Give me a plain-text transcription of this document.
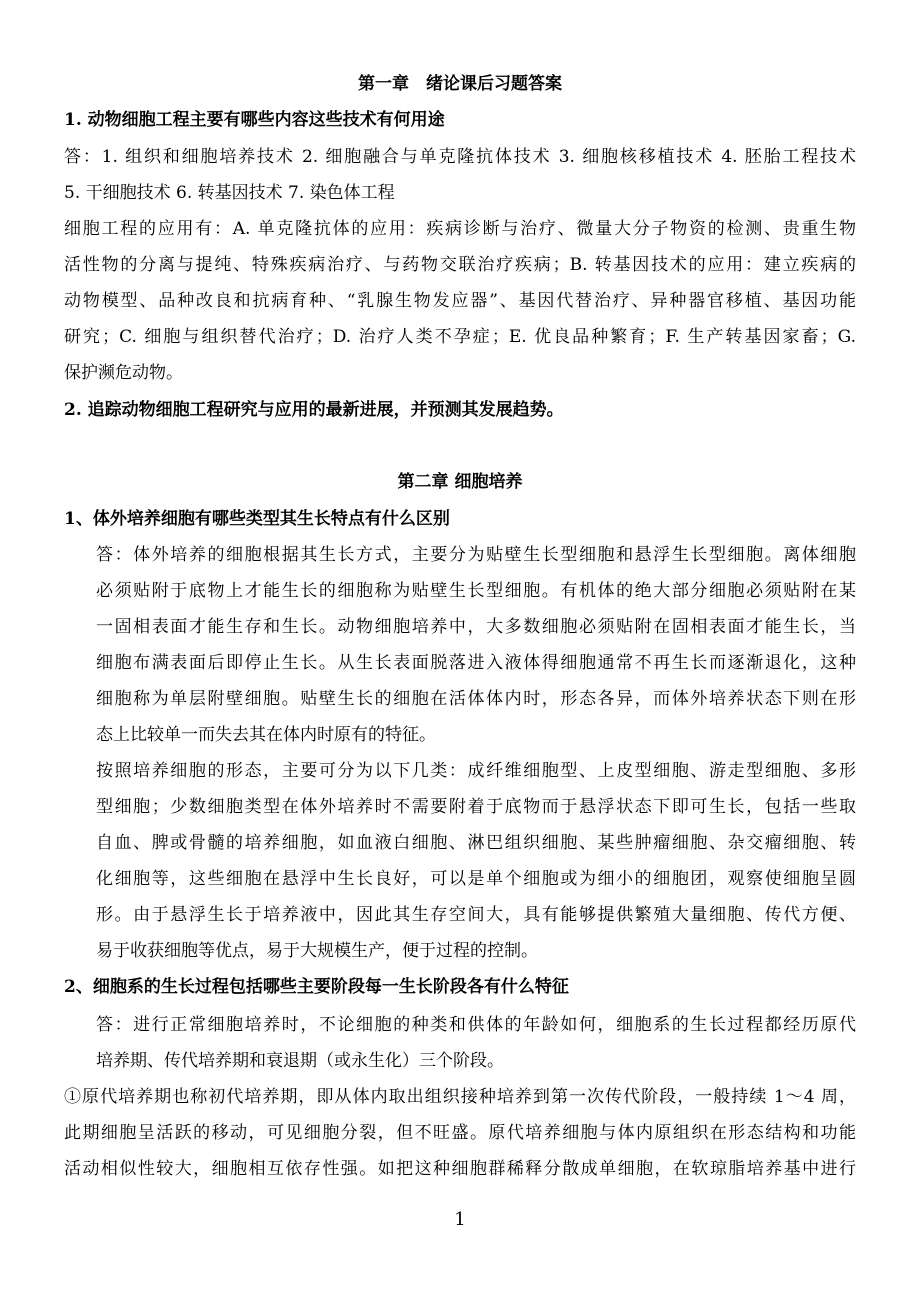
第一章　绪论课后习题答案
1. 动物细胞工程主要有哪些内容这些技术有何用途
答：1. 组织和细胞培养技术 2. 细胞融合与单克隆抗体技术 3. 细胞核移植技术 4. 胚胎工程技术
5. 干细胞技术 6. 转基因技术 7. 染色体工程
细胞工程的应用有：A. 单克隆抗体的应用：疾病诊断与治疗、微量大分子物资的检测、贵重生物
活性物的分离与提纯、特殊疾病治疗、与药物交联治疗疾病；B. 转基因技术的应用：建立疾病的
动物模型、品种改良和抗病育种、“乳腺生物发应器”、基因代替治疗、异种器官移植、基因功能
研究；C. 细胞与组织替代治疗；D. 治疗人类不孕症；E. 优良品种繁育；F. 生产转基因家畜；G.
保护濒危动物。
2. 追踪动物细胞工程研究与应用的最新进展，并预测其发展趋势。
第二章 细胞培养
1、体外培养细胞有哪些类型其生长特点有什么区别
答：体外培养的细胞根据其生长方式，主要分为贴壁生长型细胞和悬浮生长型细胞。离体细胞
必须贴附于底物上才能生长的细胞称为贴壁生长型细胞。有机体的绝大部分细胞必须贴附在某
一固相表面才能生存和生长。动物细胞培养中，大多数细胞必须贴附在固相表面才能生长，当
细胞布满表面后即停止生长。从生长表面脱落进入液体得细胞通常不再生长而逐渐退化，这种
细胞称为单层附壁细胞。贴壁生长的细胞在活体体内时，形态各异，而体外培养状态下则在形
态上比较单一而失去其在体内时原有的特征。
按照培养细胞的形态，主要可分为以下几类：成纤维细胞型、上皮型细胞、游走型细胞、多形
型细胞；少数细胞类型在体外培养时不需要附着于底物而于悬浮状态下即可生长，包括一些取
自血、脾或骨髓的培养细胞，如血液白细胞、淋巴组织细胞、某些肿瘤细胞、杂交瘤细胞、转
化细胞等，这些细胞在悬浮中生长良好，可以是单个细胞或为细小的细胞团，观察使细胞呈圆
形。由于悬浮生长于培养液中，因此其生存空间大，具有能够提供繁殖大量细胞、传代方便、
易于收获细胞等优点，易于大规模生产，便于过程的控制。
2、细胞系的生长过程包括哪些主要阶段每一生长阶段各有什么特征
答：进行正常细胞培养时，不论细胞的种类和供体的年龄如何，细胞系的生长过程都经历原代
培养期、传代培养期和衰退期（或永生化）三个阶段。
①原代培养期也称初代培养期，即从体内取出组织接种培养到第一次传代阶段，一般持续 1～4 周，
此期细胞呈活跃的移动，可见细胞分裂，但不旺盛。原代培养细胞与体内原组织在形态结构和功能
活动相似性较大，细胞相互依存性强。如把这种细胞群稀释分散成单细胞，在软琼脂培养基中进行
1
